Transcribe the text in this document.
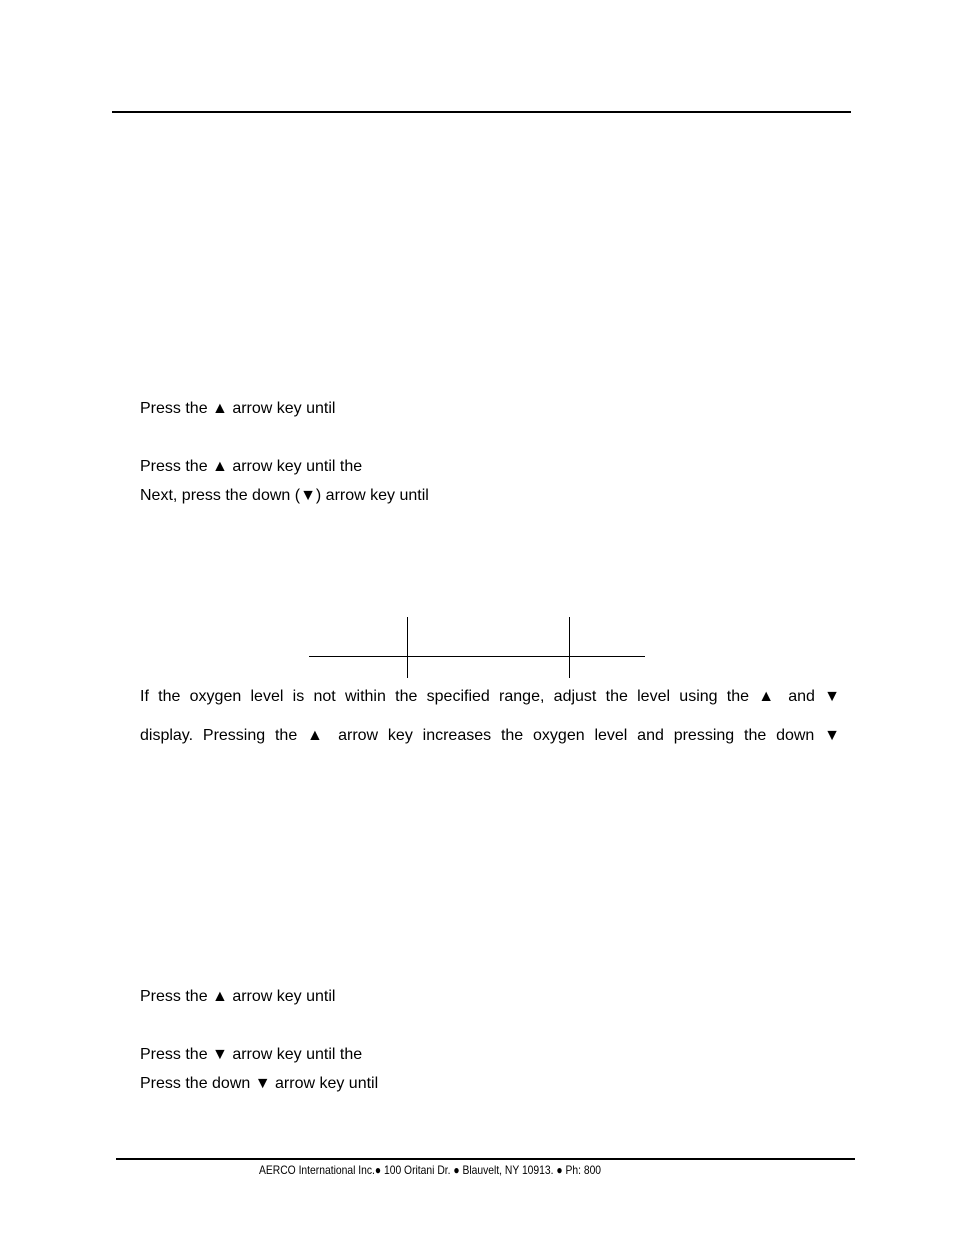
Press the ▲ arrow key until
Press the ▲ arrow key until the
Next, press the down (▼) arrow key until
If the oxygen level is not within the specified range, adjust the level using the ▲ and ▼
display. Pressing the ▲ arrow key increases the oxygen level and pressing the down ▼
Press the ▲ arrow key until
Press the ▼ arrow key until the
Press the down ▼ arrow key until
AERCO International Inc.● 100 Oritani Dr. ● Blauvelt, NY 10913. ● Ph: 800
